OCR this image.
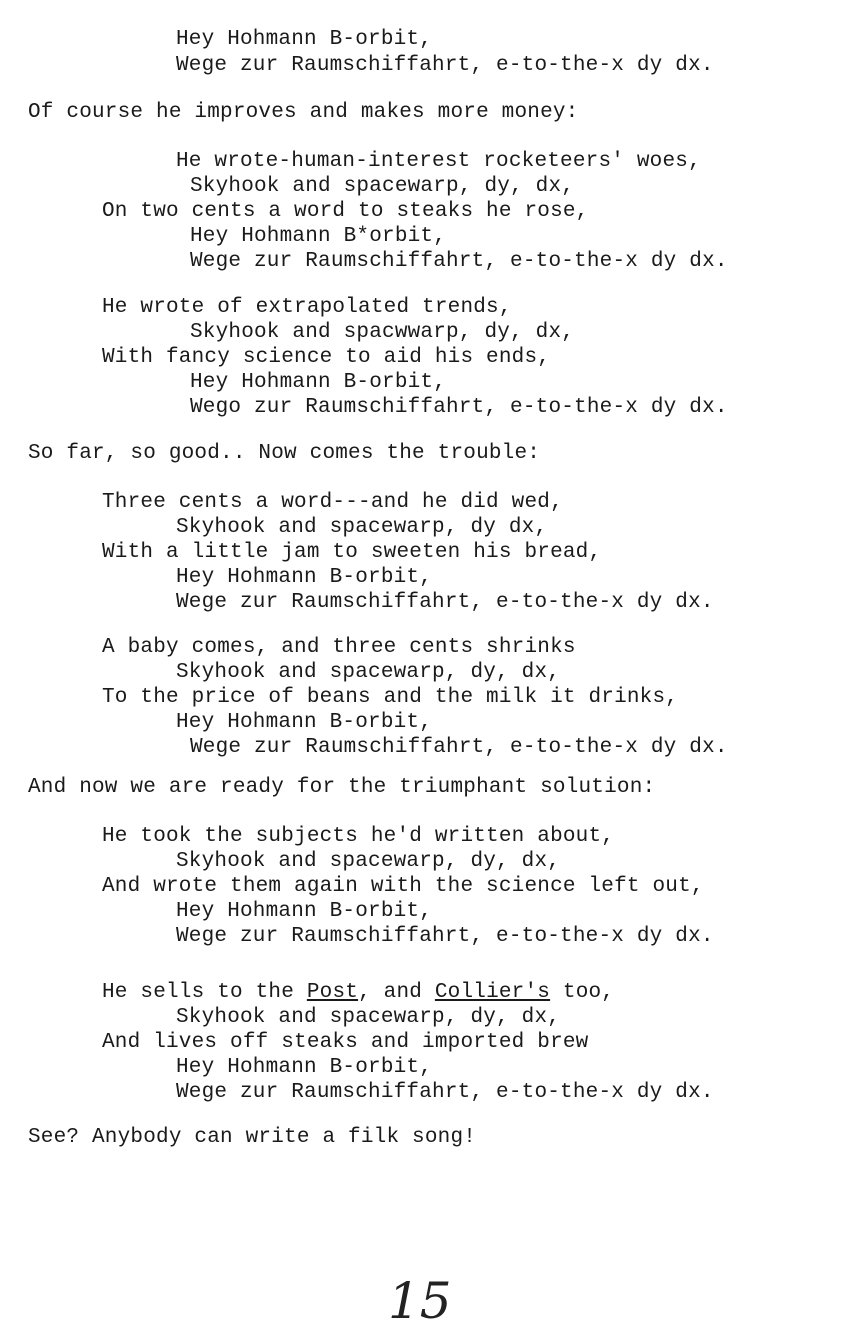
Hey Hohmann B-orbit,
Wege zur Raumschiffahrt, e-to-the-x dy dx.
Of course he improves and makes more money:
He wrote-human-interest rocketeers' woes,
Skyhook and spacewarp, dy, dx,
On two cents a word to steaks he rose,
Hey Hohmann B*orbit,
Wege zur Raumschiffahrt, e-to-the-x dy dx.
He wrote of extrapolated trends,
Skyhook and spacwwarp, dy, dx,
With fancy science to aid his ends,
Hey Hohmann B-orbit,
Wego zur Raumschiffahrt, e-to-the-x dy dx.
So far, so good.. Now comes the trouble:
Three cents a word---and he did wed,
Skyhook and spacewarp, dy dx,
With a little jam to sweeten his bread,
Hey Hohmann B-orbit,
Wege zur Raumschiffahrt, e-to-the-x dy dx.
A baby comes, and three cents shrinks
Skyhook and spacewarp, dy, dx,
To the price of beans and the milk it drinks,
Hey Hohmann B-orbit,
Wege zur Raumschiffahrt, e-to-the-x dy dx.
And now we are ready for the triumphant solution:
He took the subjects he'd written about,
Skyhook and spacewarp, dy, dx,
And wrote them again with the science left out,
Hey Hohmann B-orbit,
Wege zur Raumschiffahrt, e-to-the-x dy dx.
He sells to the Post, and Collier's too,
Skyhook and spacewarp, dy, dx,
And lives off steaks and imported brew
Hey Hohmann B-orbit,
Wege zur Raumschiffahrt, e-to-the-x dy dx.
See? Anybody can write a filk song!
15
